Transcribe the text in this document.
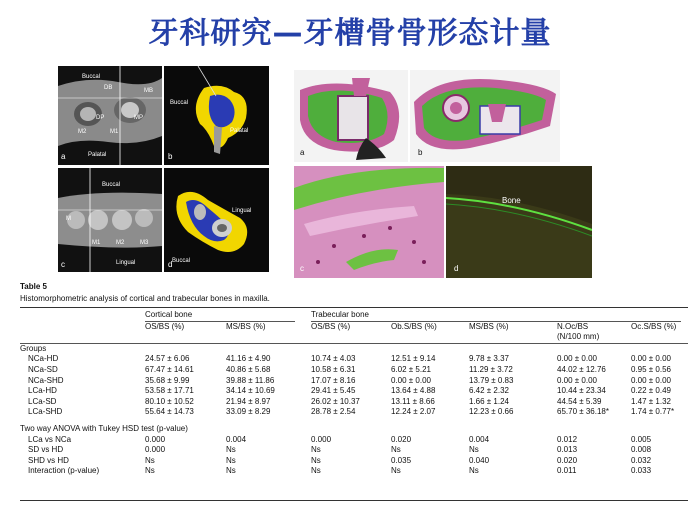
牙科研究—牙槽骨骨形态计量
Buccal
DB	MB
DP	MP
M2	M1
Palatal
a
Buccal
Palatal
b
Buccal
M
M1	M2	M3
Lingual
c	Buccal
Lingual
d
a	b
c
Bone
d
Table 5
Histomorphometric analysis of cortical and trabecular bones in maxilla.
	Cortical bone		Trabecular bone				
	OS/BS (%)	MS/BS (%)	OS/BS (%)	Ob.S/BS (%)	MS/BS (%)	N.Oc/BS	Oc.S/BS (%)
						(N/100 mm)	
Groups							
NCa-HD	24.57 ± 6.06	41.16 ± 4.90	10.74 ± 4.03	12.51 ± 9.14	9.78 ± 3.37	0.00 ± 0.00	0.00 ± 0.00
NCa-SD	67.47 ± 14.61	40.86 ± 5.68	10.58 ± 6.31	6.02 ± 5.21	11.29 ± 3.72	44.02 ± 12.76	0.95 ± 0.56
NCa-SHD	35.68 ± 9.99	39.88 ± 11.86	17.07 ± 8.16	0.00 ± 0.00	13.79 ± 0.83	0.00 ± 0.00	0.00 ± 0.00
LCa-HD	53.58 ± 17.71	34.14 ± 10.69	29.41 ± 5.45	13.64 ± 4.88	6.42 ± 2.32	10.44 ± 23.34	0.22 ± 0.49
LCa-SD	80.10 ± 10.52	21.94 ± 8.97	26.02 ± 10.37	13.11 ± 8.66	1.66 ± 1.24	44.54 ± 5.39	1.47 ± 1.32
LCa-SHD	55.64 ± 14.73	33.09 ± 8.29	28.78 ± 2.54	12.24 ± 2.07	12.23 ± 0.66	65.70 ± 36.18*	1.74 ± 0.77*

Two way ANOVA with Tukey HSD test (p-value)							
LCa vs NCa	0.000	0.004	0.000	0.020	0.004	0.012	0.005
SD vs HD	0.000	Ns	Ns	Ns	Ns	0.013	0.008
SHD vs HD	Ns	Ns	Ns	0.035	0.040	0.020	0.032
Interaction (p-value)	Ns	Ns	Ns	Ns	Ns	0.011	0.033
